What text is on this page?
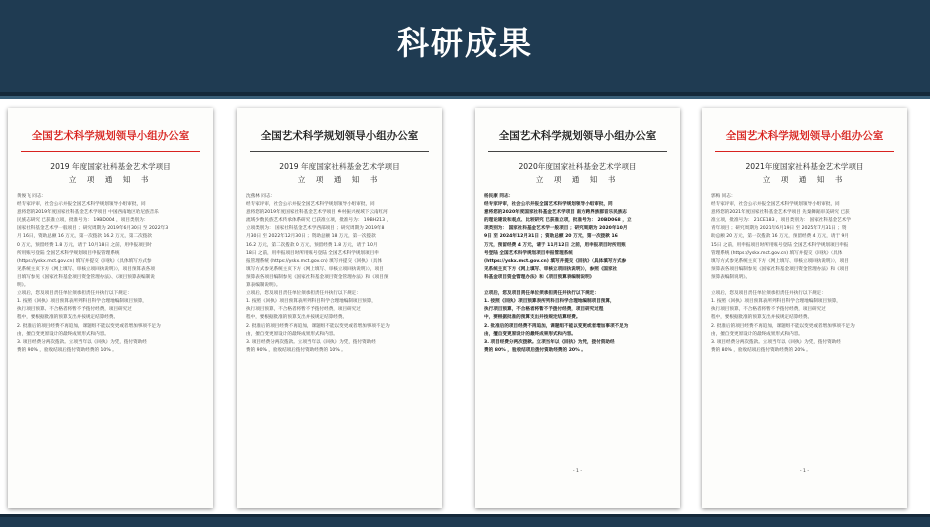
科研成果
全国艺术科学规划领导小组办公室
2019 年度国家社科基金艺术学项目
立 项 通 知 书
黄俊飞 同志：
经专家评审，社会公示并报全国艺术科学规划领导小组审批，同
意将您的2019年度国家社科基金艺术学项目 中国西南地区哈尼族音乐
民族志研究 已获准立项，批准号为： 19BD004 ，项目类别为：
国家社科基金艺术学一般项目 ；研究周期为 2019年6月30日 至 2022年3
月 16日，资助总额 16 万元，第一次拨款 16.2 万元，第二次拨款
0 万元，预留经费 1.8 万元，请于 10月18日 之前，用申报项目时
所用账号登陆 全国艺术科学规划项目申报管理系统
(https://yskx.mct.gov.cn) 填写并提交《回执》（具体填写方式参
见系统主页下方《网上填写、审核立项回执说明》），项目预算表各项
目填写参见《国家社科基金项目资金管理办法》、《项目预算表编制说
明》。
立项后，您及项目责任单位须承担责任并执行以下规定：
1. 按照《回执》项目预算表所列科目科学合理地编制项目预算，
执行项目预算、不合格者将暂不予拨付经费，项目研究过
程中，要根据批准的预算支出并按规定结算经费。
2. 批准后的项目经费不再追加，课题组不能以变更或者增加事项不足为
由，擅自变更原设计的最终成果形式和内容。
3. 项目经费分两次拨款。立项当年以《回执》为凭，拨付资助经
费的 90% ，验收结项后拨付资助经费的 10% 。
全国艺术科学规划领导小组办公室
2019 年度国家社科基金艺术学项目
立 项 通 知 书
沈燕林 同志：
经专家评审，社会公示并报全国艺术科学规划领导小组审批，同
意将您的2019年度国家社科基金艺术学项目 乡村振兴视域下云南红河
流域少数民族艺术传承体系研究 已获准立项，批准号为： 19BH213 ，
立项类别为： 国家社科基金艺术学西部项目 ；研究周期为 2019年8
月30日 至 2022年12月30日 ；资助总额 18 万元，第一次拨款
16.2 万元，第二次拨款 0 万元，预留经费 1.8 万元，请于 10月
18日 之前，用申报项目时所用账号登陆 全国艺术科学规划项目申
报管理系统 (https://yskx.mct.gov.cn) 填写并提交《回执》（具体
填写方式参见系统主页下方《网上填写、审核立项回执说明》），项目
预算表各项目编制参见《国家社科基金项目资金管理办法》和《项目预
算表编制说明》。
立项后，您及项目责任单位须承担责任并执行以下规定：
1. 按照《回执》项目预算表所列科目科学合理地编制项目预算，
执行项目预算，不合格者将暂不予拨付经费，项目研究过
程中，要根据批准的预算支出并按规定结算经费。
2. 批准后的项目经费不再追加，课题组不能以变更或者增加事项不足为
由，擅自变更原设计的最终成果形式和内容。
3. 项目经费分两次拨款。立项当年以《回执》为凭，拨付资助经
费的 90% ，验收结项后拨付资助经费的 10% 。
全国艺术科学规划领导小组办公室
2020年度国家社科基金艺术学项目
立 项 通 知 书
杨民康 同志：
经专家评审，社会公示并报全国艺术科学规划领导小组审批，同
意将您的2020年度国家社科基金艺术学项目 南方跨界族群音乐民族志
的理论建设和观点、比较研究 已获准立项，批准号为： 20BD068 ，立
项类别为： 国家社科基金艺术学一般项目 ；研究周期为 2020年10月
9日 至 2024年12月31日 ；资助总额 20 万元，第一次拨款 16
万元，预留经费 4 万元，请于 11月12日 之前，用申报项目时所用账
号登陆 全国艺术科学规划项目申报管理系统
(https://yskx.mct.gov.cn) 填写并提交《回执》（具体填写方式参
见系统主页下方《网上填写、审核立项回执说明》），参照《国家社
科基金项目资金管理办法》和《项目预算表编制说明》

立项后，您及项目责任单位须承担责任并执行以下规定：
1. 按照《回执》项目预算表所列科目科学合理地编制项目预算，
执行项目预算，不合格者将暂不予拨付经费，项目研究过程
中，要根据批准的预算支出并按规定结算经费。
2. 批准后的项目经费不再追加，课题组不能以变更或者增加事项不足为
由，擅自变更原设计的最终成果形式和内容。
3. 项目经费分两次拨款。立项当年以《回执》为凭，拨付资助经
费的 80% ，验收结项后拨付资助经费的 20% 。
- 1 -
全国艺术科学规划领导小组办公室
2021年度国家社科基金艺术学项目
立 项 通 知 书
郭梅 同志：
经专家评审，社会公示并报全国艺术科学规划领导小组审批，同
意将您的2021年度国家社科基金艺术学项目 先秦舞蹈审美研究 已获
准立项，批准号为： 21CE183 ，项目类别为： 国家社科基金艺术学
青年项目 ；研究周期为 2021年6月19日 至 2025年7月31日 ；资
助总额 20 万元，第一次拨款 16 万元，预留经费 4 万元，请于 9月
15日 之前，用申报项目时所用账号登陆 全国艺术科学规划项目申报
管理系统 (https://yskx.mct.gov.cn) 填写并提交《回执》（具体
填写方式参见系统主页下方《网上填写、审核立项回执说明》），项目
预算表各项目编制参见《国家社科基金项目资金管理办法》和《项目
预算表编制说明》。

立项后，您及项目责任单位须承担责任并执行以下规定：
1. 按照《回执》项目预算表所列科目科学合理地编制项目预算，
执行项目预算，不合格者将暂不予拨付经费，项目研究过
程中，要根据批准的预算支出并按规定结算经费。
2. 批准后的项目经费不再追加，课题组不能以变更或者增加事项不足为
由，擅自变更原设计的最终成果形式和内容。
3. 项目经费分两次拨款。立项当年以《回执》为凭，拨付资助经
费的 80% ，验收结项后拨付资助经费的 20% 。
- 1 -
